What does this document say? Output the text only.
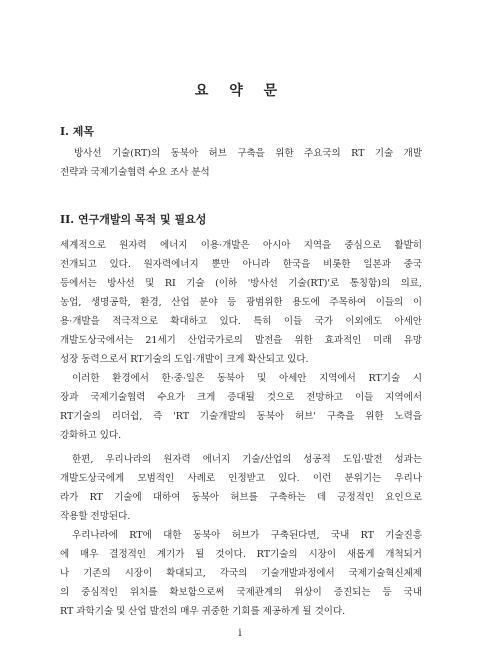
요 약 문
I. 제목
방사선 기술(RT)의 동북아 허브 구축을 위한 주요국의 RT 기술 개발
전략과 국제기술협력 수요 조사 분석
II. 연구개발의 목적 및 필요성
세계적으로 원자력 에너지 이용·개발은 아시아 지역을 중심으로 활발히
전개되고 있다. 원자력에너지 뿐만 아니라 한국을 비롯한 일본과 중국
등에서는 방사선 및 RI 기술 (이하 '방사선 기술(RT)'로 통칭함)의 의료,
농업, 생명공학, 환경, 산업 분야 등 광범위한 용도에 주목하여 이들의 이
용·개발을 적극적으로 확대하고 있다. 특히 이들 국가 이외에도 아세안
개발도상국에서는 21세기 산업국가로의 발전을 위한 효과적인 미래 유망
성장 동력으로서 RT기술의 도입·개발이 크게 확산되고 있다.
이러한 환경에서 한·중·일은 동북아 및 아세안 지역에서 RT기술 시
장과 국제기술협력 수요가 크게 증대될 것으로 전망하고 이들 지역에서
RT기술의 리더쉽, 즉 'RT 기술개발의 동북아 허브' 구축을 위한 노력을
강화하고 있다.
한편, 우리나라의 원자력 에너지 기술/산업의 성공적 도입·발전 성과는
개발도상국에게 모범적인 사례로 인정받고 있다. 이런 분위기는 우리나
라가 RT 기술에 대하여 동북아 허브를 구축하는 데 긍정적인 요인으로
작용할 전망된다.
우리나라에 RT에 대한 동북아 허브가 구축된다면, 국내 RT 기술진흥
에 매우 결정적인 계기가 될 것이다. RT기술의 시장이 새롭게 개척되거
나 기존의 시장이 확대되고, 각국의 기술개발과정에서 국제기술혁신체제
의 중심적인 위치를 확보함으로써 국제관계의 위상이 증진되는 등 국내
RT 과학기술 및 산업 발전의 매우 귀중한 기회를 제공하게 될 것이다.
i
